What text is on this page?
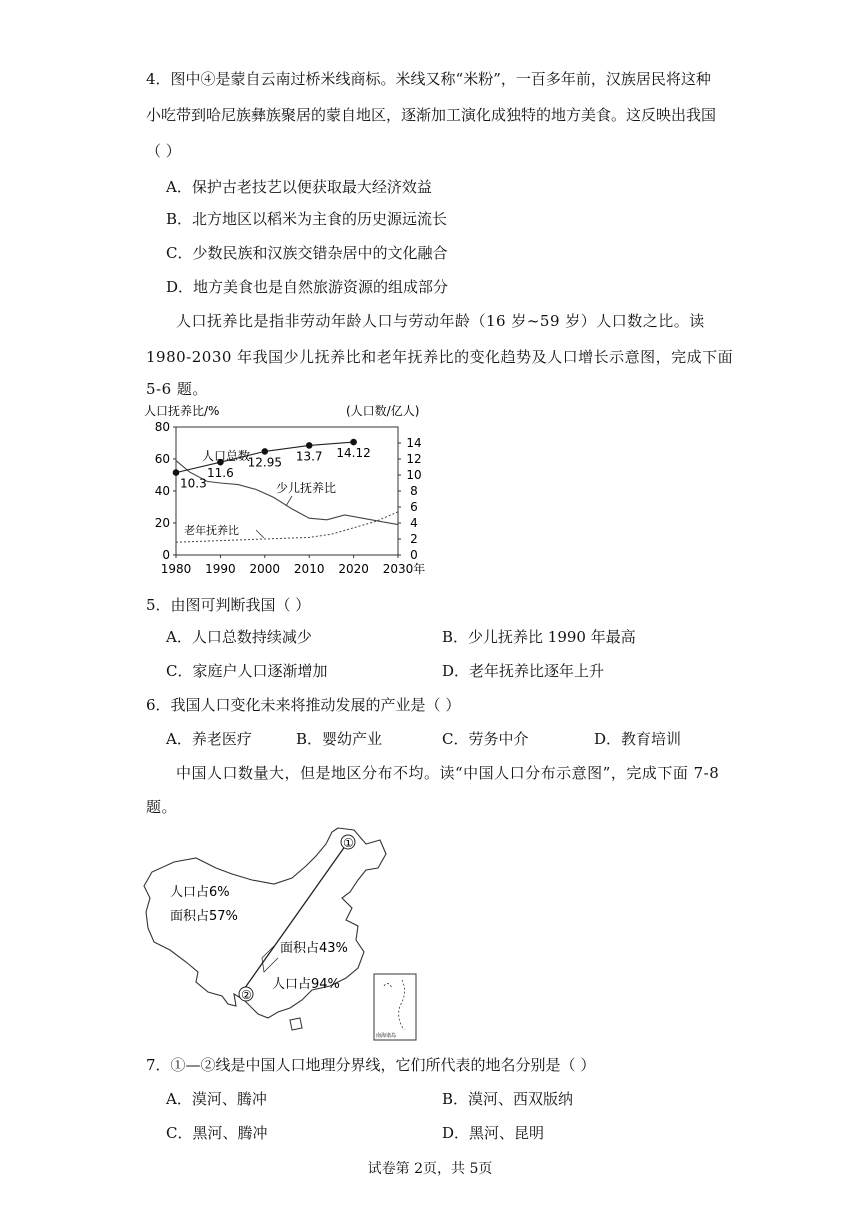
4．图中④是蒙自云南过桥米线商标。米线又称“米粉”，一百多年前，汉族居民将这种
小吃带到哈尼族彝族聚居的蒙自地区，逐渐加工演化成独特的地方美食。这反映出我国
（ ）
A．保护古老技艺以便获取最大经济效益
B．北方地区以稻米为主食的历史源远流长
C．少数民族和汉族交错杂居中的文化融合
D．地方美食也是自然旅游资源的组成部分
人口抚养比是指非劳动年龄人口与劳动年龄（16 岁~59 岁）人口数之比。读
1980-2030 年我国少儿抚养比和老年抚养比的变化趋势及人口增长示意图，完成下面
5-6 题。
人口抚养比/%	(人口数/亿人)
0
20
40
60
80
0
2
4
6
8
10
12
14
1980 1990 2000 2010 2020 2030年
10.3
11.6
12.95 13.7 14.12
人口总数
少儿抚养比
老年抚养比
5．由图可判断我国（ ）
A．人口总数持续减少	B．少儿抚养比 1990 年最高
C．家庭户人口逐渐增加	D．老年抚养比逐年上升
6．我国人口变化未来将推动发展的产业是（ ）
A．养老医疗	B．婴幼产业	C．劳务中介	D．教育培训
中国人口数量大，但是地区分布不均。读“中国人口分布示意图”，完成下面 7-8
题。
①
②
人口占6%
面积占57%
面积占43%
人口占94%
南海诸岛
7．①—②线是中国人口地理分界线，它们所代表的地名分别是（ ）
A．漠河、腾冲	B．漠河、西双版纳
C．黑河、腾冲	D．黑河、昆明
试卷第 2页，共 5页
